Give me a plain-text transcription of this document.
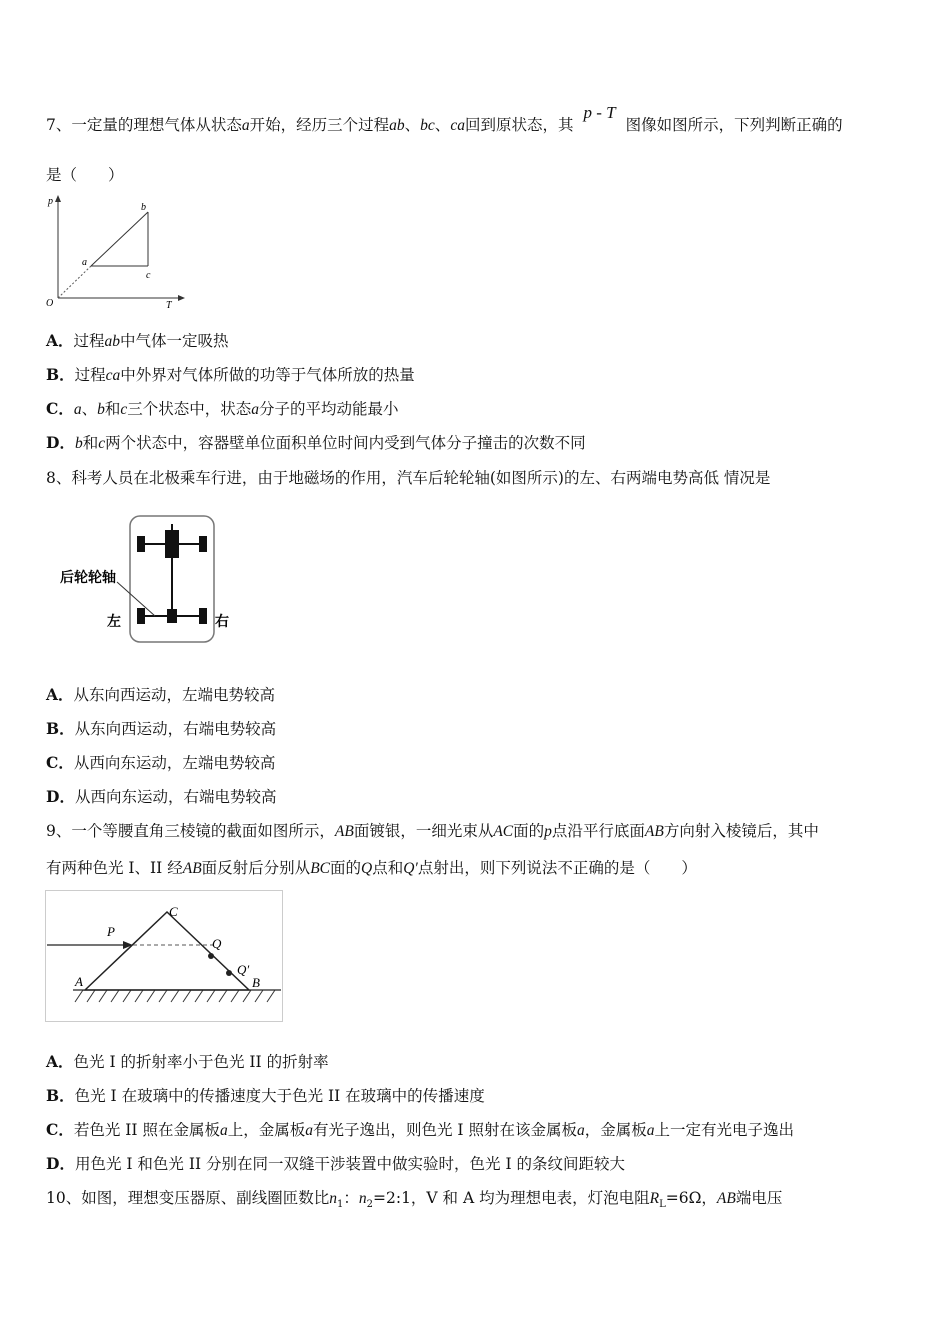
7、一定量的理想气体从状态a开始，经历三个过程ab、bc、ca回到原状态，其p - T图像如图所示，下列判断正确的
是（　　）
p
T
O
a
b
c
A．过程ab中气体一定吸热
B．过程ca中外界对气体所做的功等于气体所放的热量
C．a、b和c三个状态中，状态a分子的平均动能最小
D．b和c两个状态中，容器壁单位面积单位时间内受到气体分子撞击的次数不同
8、科考人员在北极乘车行进，由于地磁场的作用，汽车后轮轮轴(如图所示)的左、右两端电势高低 情况是
后轮轮轴
左	右
A．从东向西运动，左端电势较高
B．从东向西运动，右端电势较高
C．从西向东运动，左端电势较高
D．从西向东运动，右端电势较高
9、一个等腰直角三棱镜的截面如图所示，AB面镀银，一细光束从AC面的p点沿平行底面AB方向射入棱镜后，其中
有两种色光 I、II 经AB面反射后分别从BC面的Q点和Q′点射出，则下列说法不正确的是（　　）
A	B
C
P
Q
Q′
A．色光 I 的折射率小于色光 II 的折射率
B．色光 I 在玻璃中的传播速度大于色光 II 在玻璃中的传播速度
C．若色光 II 照在金属板a上，金属板a有光子逸出，则色光 I 照射在该金属板a，金属板a上一定有光电子逸出
D．用色光 I 和色光 II 分别在同一双缝干涉装置中做实验时，色光 I 的条纹间距较大
10、如图，理想变压器原、副线圈匝数比$n_1$：$n_2=2:1$，V 和 A 均为理想电表，灯泡电阻$R_L=6\Omega$，AB端电压
